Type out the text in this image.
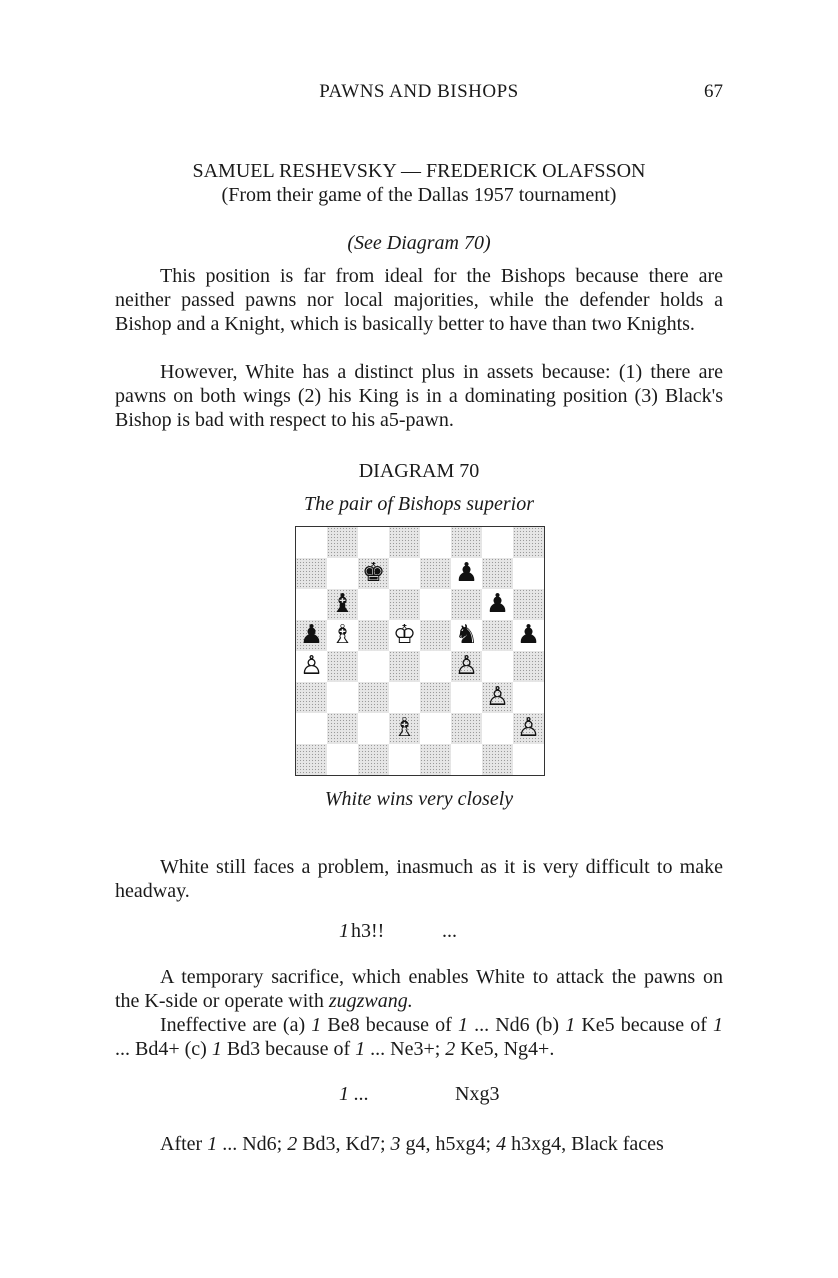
PAWNS AND BISHOPS	67
SAMUEL RESHEVSKY — FREDERICK OLAFSSON
(From their game of the Dallas 1957 tournament)
(See Diagram 70)
This position is far from ideal for the Bishops because there are neither passed pawns nor local majorities, while the defender holds a Bishop and a Knight, which is basically better to have than two Knights.
However, White has a distinct plus in assets because: (1) there are pawns on both wings (2) his King is in a dominating position (3) Black's Bishop is bad with respect to his a5-pawn.
DIAGRAM 70
The pair of Bishops superior
♚	♟
♝	♟
♟ ♗ ♔ ♞ ♟
♙	♙
♙
♗	♙
White wins very closely
White still faces a problem, inasmuch as it is very difficult to make headway.
1 h3!!	...
A temporary sacrifice, which enables White to attack the pawns on the K-side or operate with zugzwang.
Ineffective are (a) 1 Be8 because of 1 ... Nd6 (b) 1 Ke5 because of 1 ... Bd4+ (c) 1 Bd3 because of 1 ... Ne3+; 2 Ke5, Ng4+.
1 ...	Nxg3
After 1 ... Nd6; 2 Bd3, Kd7; 3 g4, h5xg4; 4 h3xg4, Black faces
